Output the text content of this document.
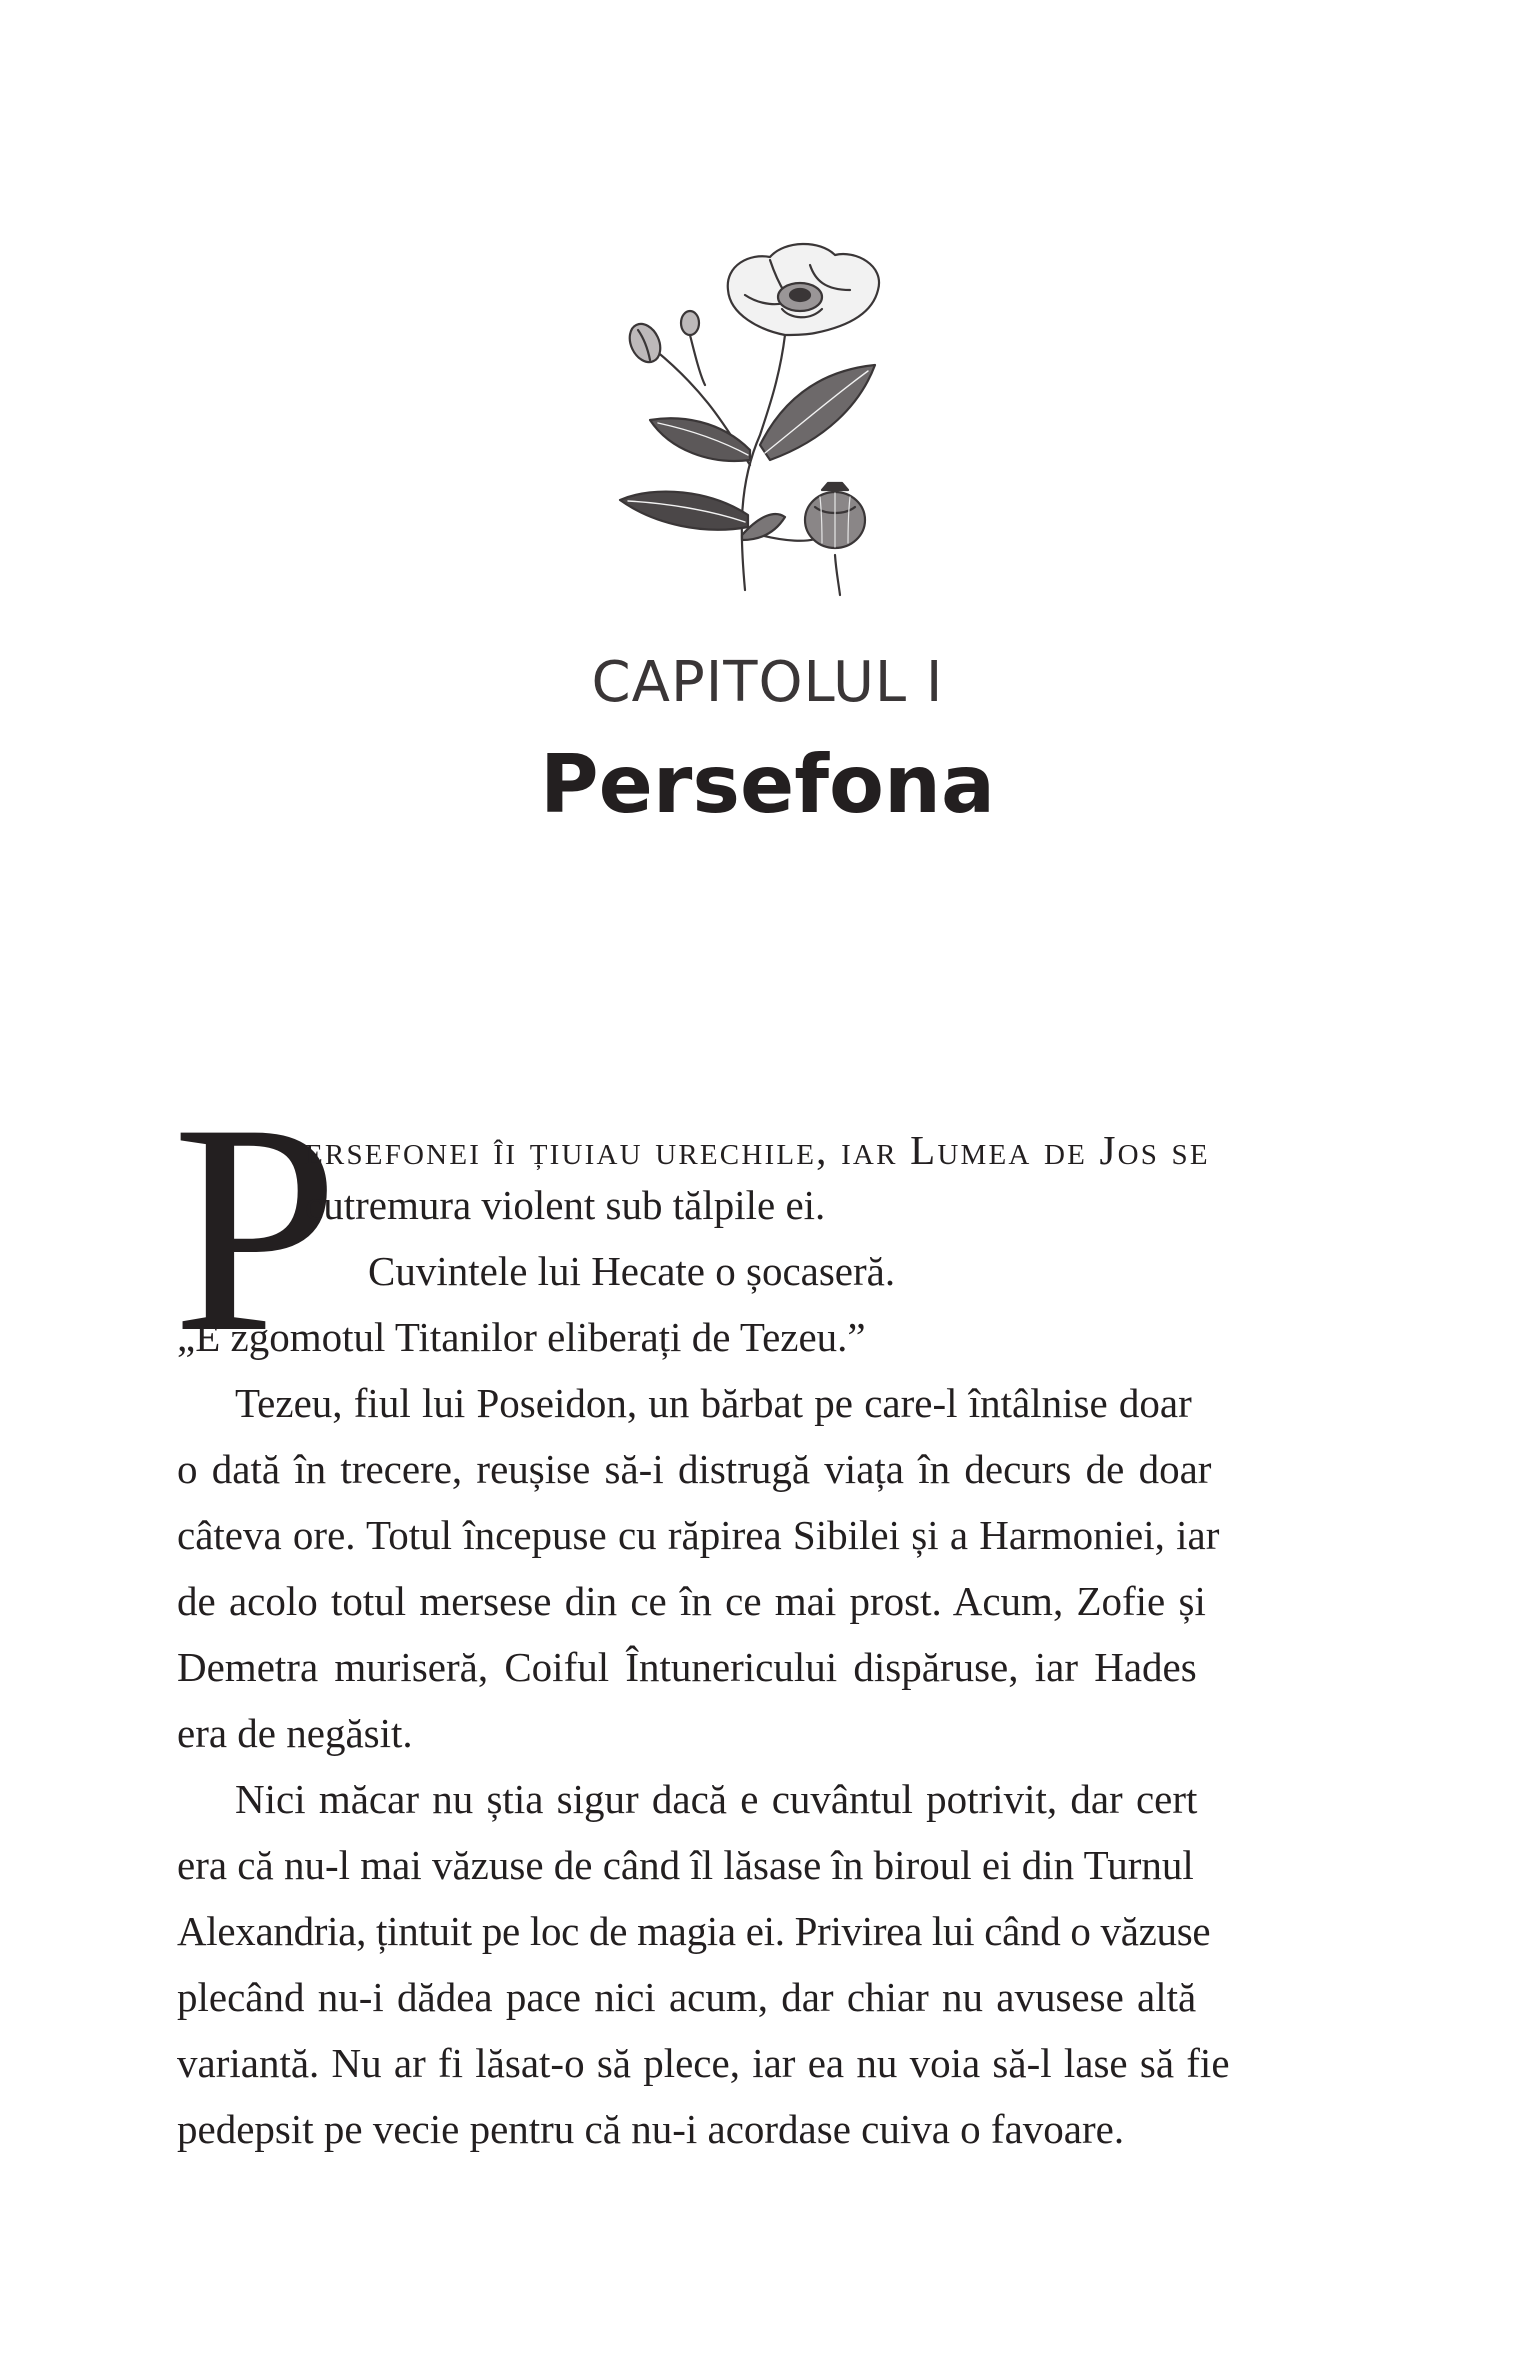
CAPITOLUL I
Persefona
P
ersefonei îi țiuiau urechile, iar Lumea de Jos se
cutremura violent sub tălpile ei.
Cuvintele lui Hecate o șocaseră.
„E zgomotul Titanilor eliberați de Tezeu.”
Tezeu, fiul lui Poseidon, un bărbat pe care-l întâlnise doar
o dată în trecere, reușise să-i distrugă viața în decurs de doar
câteva ore. Totul începuse cu răpirea Sibilei și a Harmoniei, iar
de acolo totul mersese din ce în ce mai prost. Acum, Zofie și
Demetra muriseră, Coiful Întunericului dispăruse, iar Hades
era de negăsit.
Nici măcar nu știa sigur dacă e cuvântul potrivit, dar cert
era că nu-l mai văzuse de când îl lăsase în biroul ei din Turnul
Alexandria, țintuit pe loc de magia ei. Privirea lui când o văzuse
plecând nu-i dădea pace nici acum, dar chiar nu avusese altă
variantă. Nu ar fi lăsat-o să plece, iar ea nu voia să-l lase să fie
pedepsit pe vecie pentru că nu-i acordase cuiva o favoare.
